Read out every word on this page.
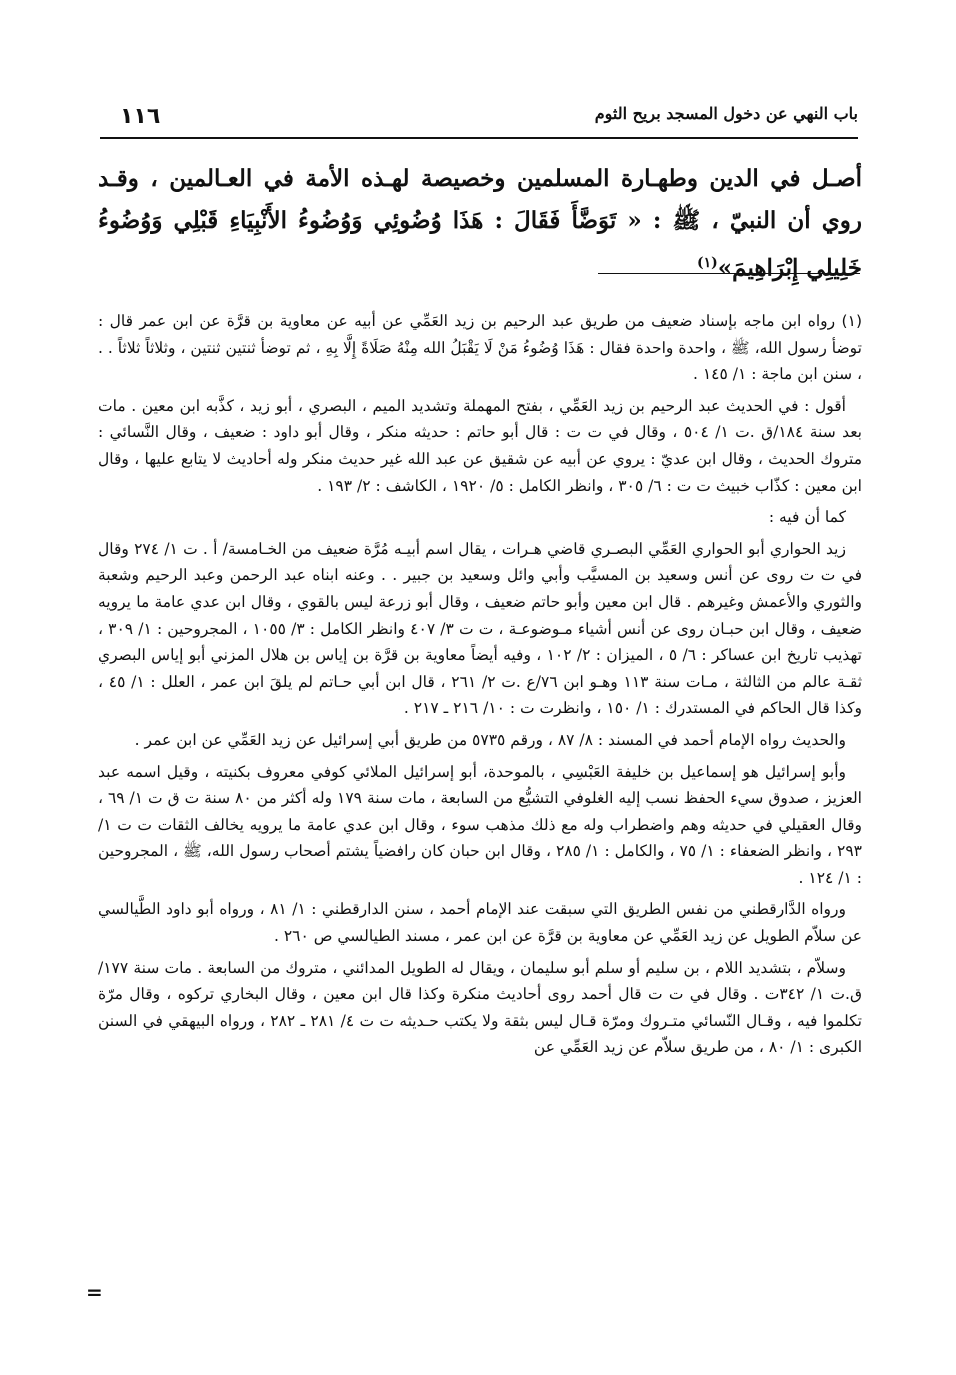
١١٦	باب النهي عن دخول المسجد بريح الثوم

أصـل في الدين وطهـارة المسلمين وخصيصة لهـذه الأمة في العـالمين ، وقـد روي أن النبيّ ، ﷺ : « تَوَضَّأَ فَقَالَ : هَذَا وُضُوئِي وَوُضُوءُ الأَنْبِيَاءِ قَبْلِي وَوُضُوءُ خَلِيلِي إِبْرَاهِيمَ»$^{(١)}$

(١) رواه ابن ماجه بإسناد ضعيف من طريق عبد الرحيم بن زيد العَمِّي عن أبيه عن معاوية بن قرَّة عن ابن عمر قال : توضأ رسول الله، ﷺ ، واحدة واحدة فقال : هَذَا وُضُوءُ مَنْ لَا يَقْبَلُ الله مِنْهُ صَلَاةً إِلَّا بِهِ ، ثم توضأ ثنتين ثنتين ، وثلاثاً ثلاثاً . . ، سنن ابن ماجة : ١/ ١٤٥ .

أقول : في الحديث عبد الرحيم بن زيد العَمِّي ، بفتح المهملة وتشديد الميم ، البصري ، أبو زيد ، كذَّبه ابن معين . مات بعد سنة ١٨٤/ق .ت ١/ ٥٠٤ ، وقال في ت ت : قال أبو حاتم : حديثه منكر ، وقال أبو داود : ضعيف ، وقال النَّسائي : متروك الحديث ، وقال ابن عديّ : يروي عن أبيه عن شقيق عن عبد الله غير حديث منكر وله أحاديث لا يتابع عليها ، وقال ابن معين : كذّاب خبيث ت ت : ٦/ ٣٠٥ ، وانظر الكامل : ٥/ ١٩٢٠ ، الكاشف : ٢/ ١٩٣ .

كما أن فيه :

زيد الحواري أبو الحواري العَمِّي البصـري قاضي هـرات ، يقال اسم أبيـه مُرَّة ضعيف من الخـامسة/ أ . ت ١/ ٢٧٤ وقال في ت ت روى عن أنس وسعيد بن المسيَّب وأبي وائل وسعيد بن جبير . . وعنه ابناه عبد الرحمن وعبد الرحيم وشعبة والثوري والأعمش وغيرهم . قال ابن معين وأبو حاتم ضعيف ، وقال أبو زرعة ليس بالقوي ، وقال ابن عدي عامة ما يرويه ضعيف ، وقال ابن حبـان روى عن أنس أشياء مـوضوعـة ، ت ت ٣/ ٤٠٧ وانظر الكامل : ٣/ ١٠٥٥ ، المجروحين : ١/ ٣٠٩ ، تهذيب تاريخ ابن عساكر : ٦/ ٥ ، الميزان : ٢/ ١٠٢ ، وفيه أيضاً معاوية بن قرَّة بن إياس بن هلال المزني أبو إياس البصري ثقـة عالم من الثالثة ، مـات سنة ١١٣ وهـو ابن ٧٦/ع .ت ٢/ ٢٦١ ، قال ابن أبي حـاتم لم يلقَ ابن عمر ، العلل : ١/ ٤٥ ، وكذا قال الحاكم في المستدرك : ١/ ١٥٠ ، وانظرت ت : ١٠/ ٢١٦ ـ ٢١٧ .

والحديث رواه الإمام أحمد في المسند : ٨/ ٨٧ ، ورقم ٥٧٣٥ من طريق أبي إسرائيل عن زيد العَمِّي عن ابن عمر .

وأبو إسرائيل هو إسماعيل بن خليفة العَبْسِي ، بالموحدة، أبو إسرائيل الملائي كوفي معروف بكنيته ، وقيل اسمه عبد العزيز ، صدوق سيء الحفظ نسب إليه الغلوفي التشيُّع من السابعة ، مات سنة ١٧٩ وله أكثر من ٨٠ سنة ت ق ت ١/ ٦٩ ، وقال العقيلي في حديثه وهم واضطراب وله مع ذلك مذهب سوء ، وقال ابن عدي عامة ما يرويه يخالف الثقات ت ت ١/ ٢٩٣ ، وانظر الضعفاء : ١/ ٧٥ ، والكامل : ١/ ٢٨٥ ، وقال ابن حبان كان رافضياً يشتم أصحاب رسول الله، ﷺ ، المجروحين : ١/ ١٢٤ .

ورواه الدَّارقطني من نفس الطريق التي سبقت عند الإمام أحمد ، سنن الدارقطني : ١/ ٨١ ، ورواه أبو داود الطَّيالسي عن سلاّم الطويل عن زيد العَمِّي عن معاوية بن قرَّة عن ابن عمر ، مسند الطيالسي ص ٢٦٠ .

وسلاّم ، بتشديد اللام ، بن سليم أو سلم أبو سليمان ، ويقال له الطويل المدائني ، متروك من السابعة . مات سنة ١٧٧/ ق.ت ١/ ٣٤٢ت . وقال في ت ت قال أحمد روى أحاديث منكرة وكذا قال ابن معين ، وقال البخاري تركوه ، وقال مرّة تكلموا فيه ، وقـال النّسائي متـروك ومرّة قـال ليس بثقة ولا يكتب حـديثه ت ت ٤/ ٢٨١ ـ ٢٨٢ ، ورواه البيهقي في السنن الكبرى : ١/ ٨٠ ، من طريق سلاّم عن زيد العَمِّي عن

=
